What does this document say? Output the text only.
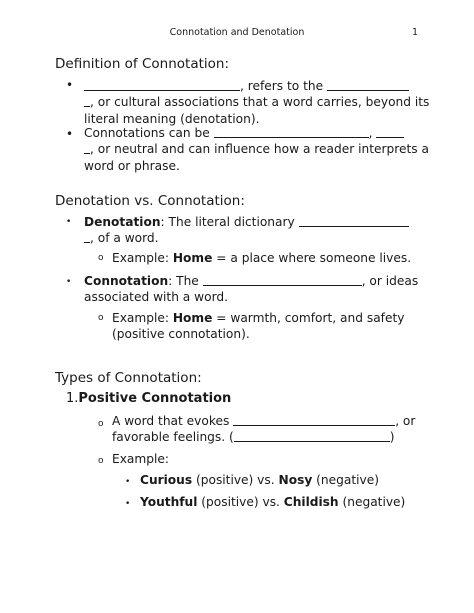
Connotation and Denotation	1
Definition of Connotation:
•	, refers to the
, or cultural associations that a word carries, beyond its literal meaning (denotation).
• Connotations can be	,
, or neutral and can influence how a reader interprets a word or phrase.
Denotation vs. Connotation:
• Denotation: The literal dictionary
, of a word.
o Example: Home = a place where someone lives.
• Connotation: The	, or ideas associated with a word.
o Example: Home = warmth, comfort, and safety (positive connotation).
Types of Connotation:
1.Positive Connotation
o A word that evokes	, or favorable feelings. (	)
o Example:
• Curious (positive) vs. Nosy (negative)
• Youthful (positive) vs. Childish (negative)
